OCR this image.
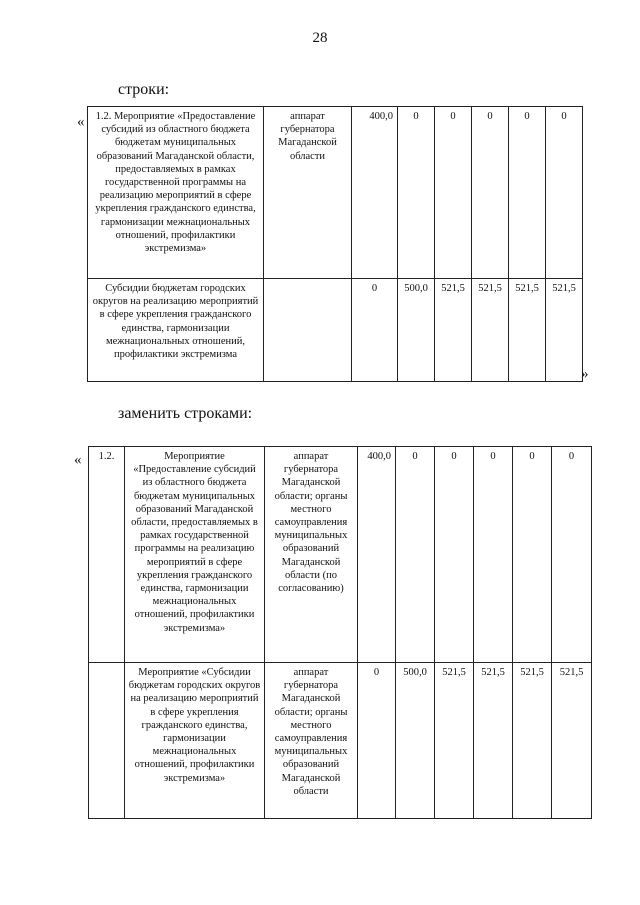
28
строки:
« 1.2. Мероприятие «Предоставление субсидий из областного бюджета бюджетам муниципальных образований Магаданской области, предоставляемых в рамках государственной программы на реализацию мероприятий в сфере укрепления гражданского единства, гармонизации межнациональных отношений, профилактики экстремизма»	аппарат губернатора Магаданской области	400,0	0	0	0	0	0
Субсидии бюджетам городских округов на реализацию мероприятий в сфере укрепления гражданского единства, гармонизации межнациональных отношений, профилактики экстремизма		0	500,0	521,5	521,5	521,5	521,5
»
заменить строками:
« 1.2.	Мероприятие «Предоставление субсидий из областного бюджета бюджетам муниципальных образований Магаданской области, предоставляемых в рамках государственной программы на реализацию мероприятий в сфере укрепления гражданского единства, гармонизации межнациональных отношений, профилактики экстремизма»	аппарат губернатора Магаданской области; органы местного самоуправления муниципальных образований Магаданской области (по согласованию)	400,0	0	0	0	0	0
	Мероприятие «Субсидии бюджетам городских округов на реализацию мероприятий в сфере укрепления гражданского единства, гармонизации межнациональных отношений, профилактики экстремизма»	аппарат губернатора Магаданской области; органы местного самоуправления муниципальных образований Магаданской области	0	500,0	521,5	521,5	521,5	521,5
